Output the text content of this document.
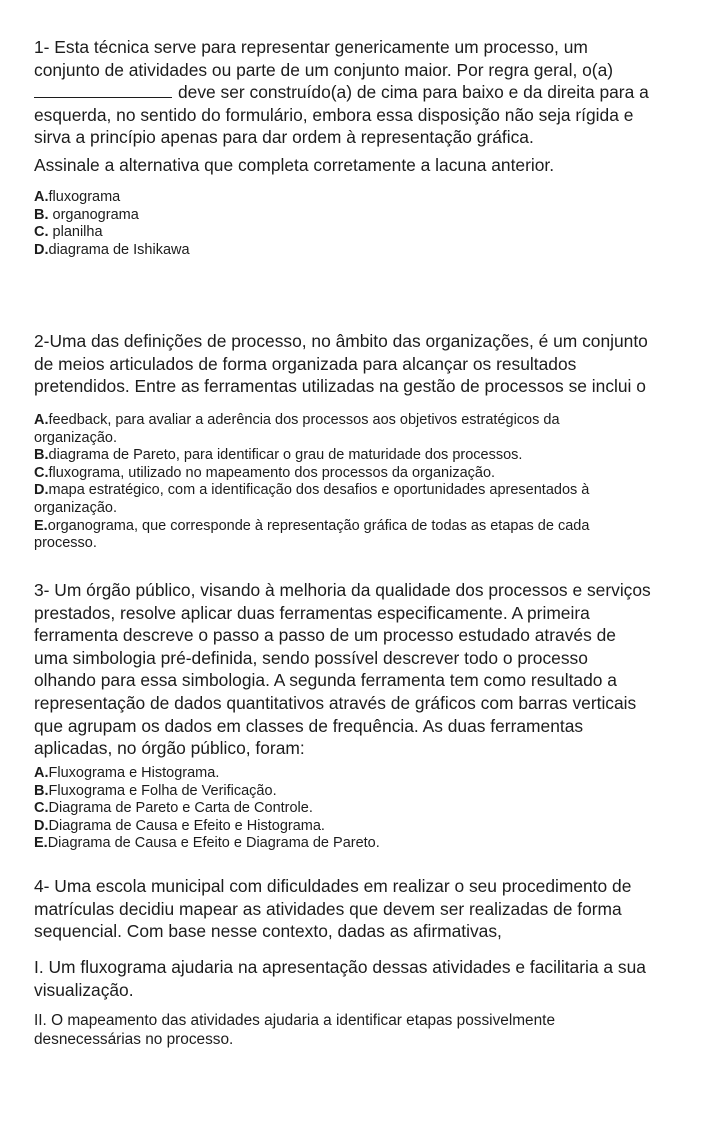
1- Esta técnica serve para representar genericamente um processo, um
conjunto de atividades ou parte de um conjunto maior. Por regra geral, o(a)
deve ser construído(a) de cima para baixo e da direita para a
esquerda, no sentido do formulário, embora essa disposição não seja rígida e
sirva a princípio apenas para dar ordem à representação gráfica.
Assinale a alternativa que completa corretamente a lacuna anterior.
A.fluxograma
B. organograma
C. planilha
D.diagrama de Ishikawa
2-Uma das definições de processo, no âmbito das organizações, é um conjunto
de meios articulados de forma organizada para alcançar os resultados
pretendidos. Entre as ferramentas utilizadas na gestão de processos se inclui o
A.feedback, para avaliar a aderência dos processos aos objetivos estratégicos da
organização.
B.diagrama de Pareto, para identificar o grau de maturidade dos processos.
C.fluxograma, utilizado no mapeamento dos processos da organização.
D.mapa estratégico, com a identificação dos desafios e oportunidades apresentados à
organização.
E.organograma, que corresponde à representação gráfica de todas as etapas de cada
processo.
3- Um órgão público, visando à melhoria da qualidade dos processos e serviços
prestados, resolve aplicar duas ferramentas especificamente. A primeira
ferramenta descreve o passo a passo de um processo estudado através de
uma simbologia pré-definida, sendo possível descrever todo o processo
olhando para essa simbologia. A segunda ferramenta tem como resultado a
representação de dados quantitativos através de gráficos com barras verticais
que agrupam os dados em classes de frequência. As duas ferramentas
aplicadas, no órgão público, foram:
A.Fluxograma e Histograma.
B.Fluxograma e Folha de Verificação.
C.Diagrama de Pareto e Carta de Controle.
D.Diagrama de Causa e Efeito e Histograma.
E.Diagrama de Causa e Efeito e Diagrama de Pareto.
4- Uma escola municipal com dificuldades em realizar o seu procedimento de
matrículas decidiu mapear as atividades que devem ser realizadas de forma
sequencial. Com base nesse contexto, dadas as afirmativas,
I. Um fluxograma ajudaria na apresentação dessas atividades e facilitaria a sua
visualização.
II. O mapeamento das atividades ajudaria a identificar etapas possivelmente
desnecessárias no processo.
